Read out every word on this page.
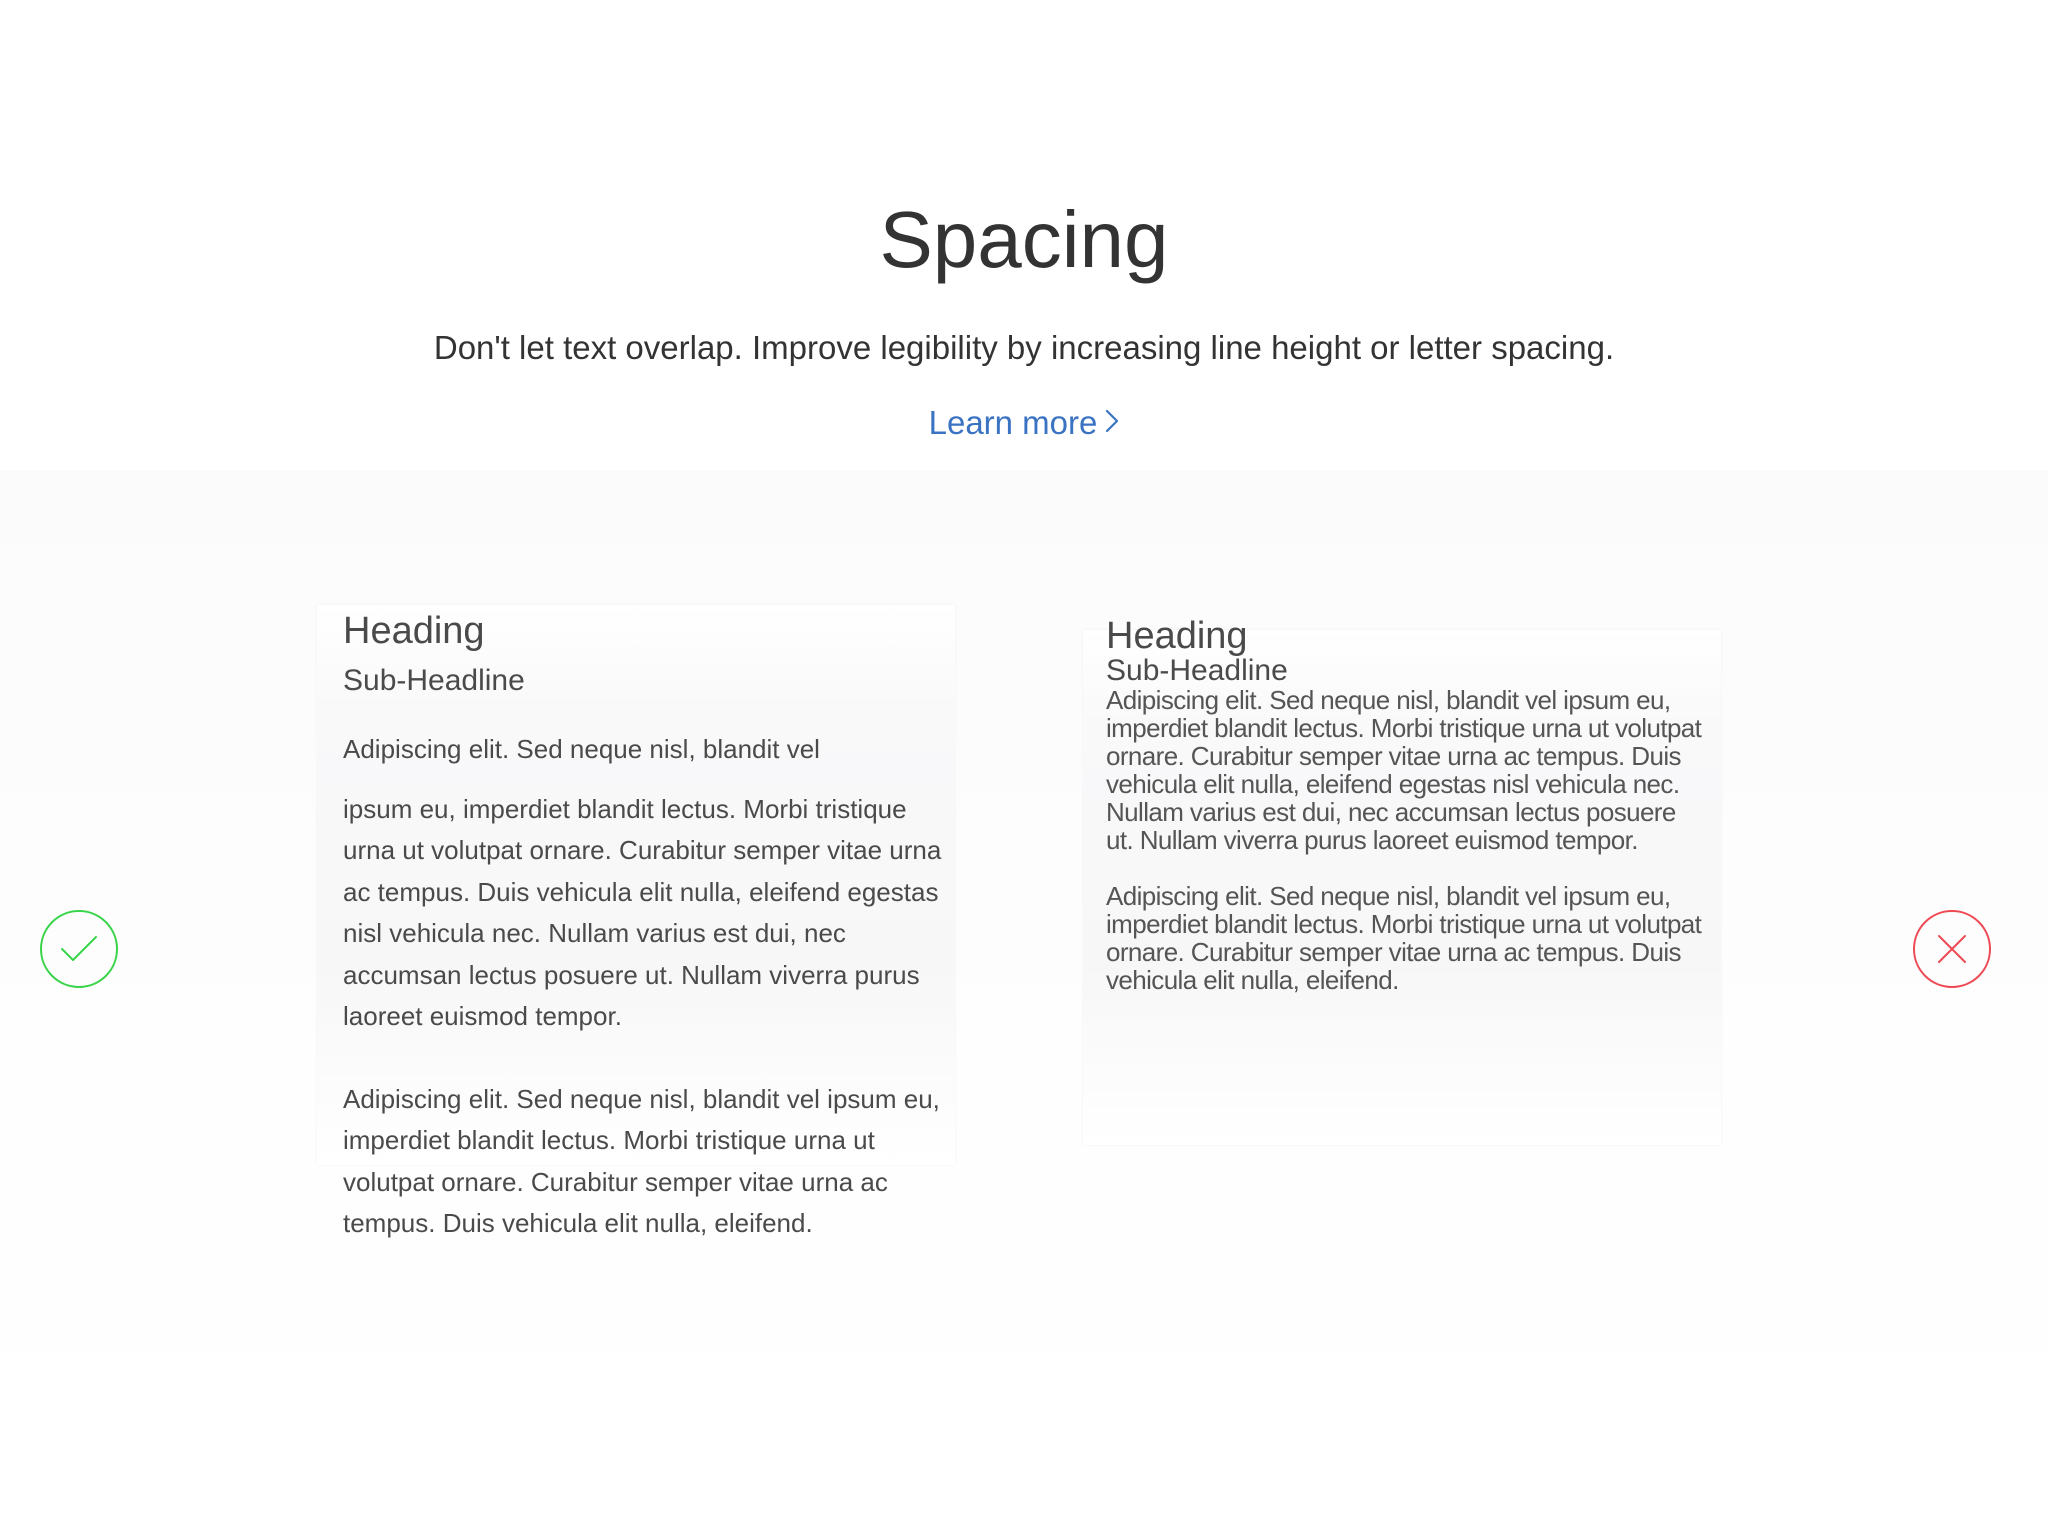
Spacing
Don't let text overlap. Improve legibility by increasing line height or letter spacing.
Learn more
Heading
Sub-Headline

Adipiscing elit. Sed neque nisl, blandit vel

ipsum eu, imperdiet blandit lectus. Morbi tristique urna ut volutpat ornare. Curabitur semper vitae urna ac tempus. Duis vehicula elit nulla, eleifend egestas nisl vehicula nec. Nullam varius est dui, nec accumsan lectus posuere ut. Nullam viverra purus laoreet euismod tempor.

Adipiscing elit. Sed neque nisl, blandit vel ipsum eu, imperdiet blandit lectus. Morbi tristique urna ut volutpat ornare. Curabitur semper vitae urna ac tempus. Duis vehicula elit nulla, eleifend.

Heading
Sub-Headline

Adipiscing elit. Sed neque nisl, blandit vel ipsum eu, imperdiet blandit lectus. Morbi tristique urna ut volutpat ornare. Curabitur semper vitae urna ac tempus. Duis vehicula elit nulla, eleifend egestas nisl vehicula nec. Nullam varius est dui, nec accumsan lectus posuere ut. Nullam viverra purus laoreet euismod tempor.

Adipiscing elit. Sed neque nisl, blandit vel ipsum eu, imperdiet blandit lectus. Morbi tristique urna ut volutpat ornare. Curabitur semper vitae urna ac tempus. Duis vehicula elit nulla, eleifend.
